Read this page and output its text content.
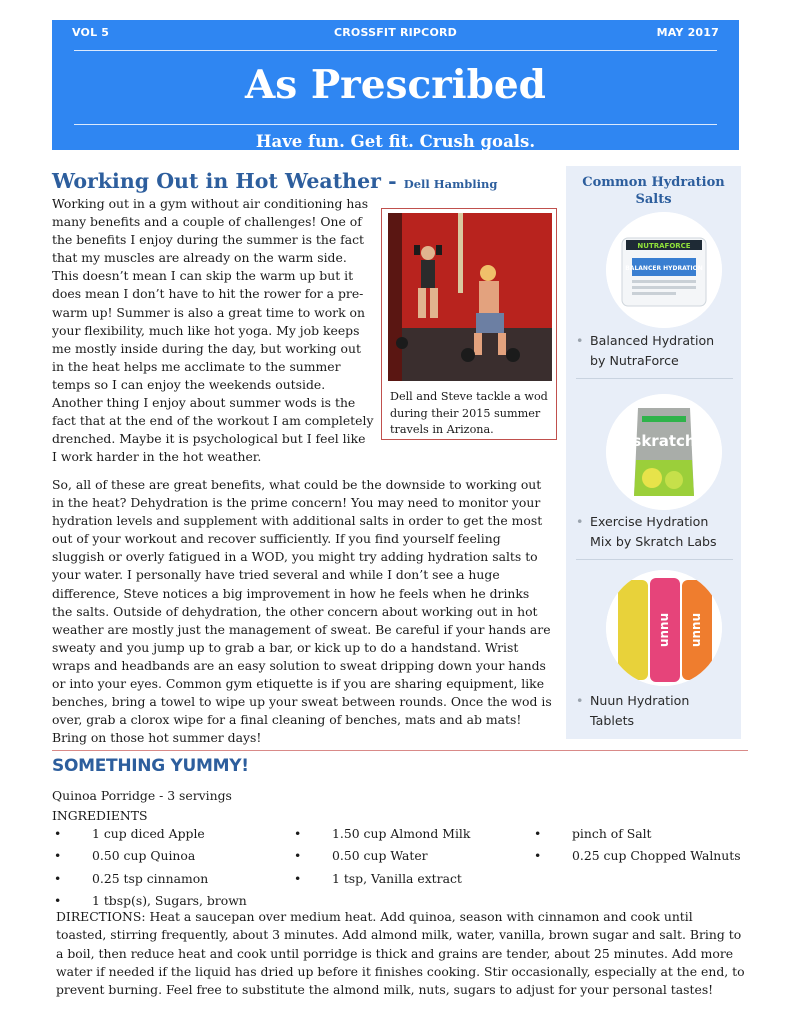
VOL 5	CROSSFIT RIPCORD	MAY 2017
As Prescribed
Have fun. Get fit. Crush goals.
Working Out in Hot Weather - Dell Hambling

Working out in a gym without air conditioning has many benefits and a couple of challenges! One of the benefits I enjoy during the summer is the fact that my muscles are already on the warm side. This doesn’t mean I can skip the warm up but it does mean I don’t have to hit the rower for a pre-warm up! Summer is also a great time to work on your flexibility, much like hot yoga. My job keeps me mostly inside during the day, but working out in the heat helps me acclimate to the summer temps so I can enjoy the weekends outside. Another thing I enjoy about summer wods is the fact that at the end of the workout I am completely drenched. Maybe it is psychological but I feel like I work harder in the hot weather.

Dell and Steve tackle a wod during their 2015 summer travels in Arizona.

So, all of these are great benefits, what could be the downside to working out in the heat? Dehydration is the prime concern! You may need to monitor your hydration levels and supplement with additional salts in order to get the most out of your workout and recover sufficiently. If you find yourself feeling sluggish or overly fatigued in a WOD, you might try adding hydration salts to your water. I personally have tried several and while I don’t see a huge difference, Steve notices a big improvement in how he feels when he drinks the salts. Outside of dehydration, the other concern about working out in hot weather are mostly just the management of sweat. Be careful if your hands are sweaty and you jump up to grab a bar, or kick up to do a handstand. Wrist wraps and headbands are an easy solution to sweat dripping down your hands or into your eyes. Common gym etiquette is if you are sharing equipment, like benches, bring a towel to wipe up your sweat between rounds. Once the wod is over, grab a clorox wipe for a final cleaning of benches, mats and ab mats! Bring on those hot summer days!

Common Hydration Salts
NUTRAFORCE
BALANCER HYDRATION
• Balanced Hydration by NutraForce
skratch
• Exercise Hydration Mix by Skratch Labs
nuun nuun
• Nuun Hydration Tablets
SOMETHING YUMMY!
Quinoa Porridge - 3 servings
INGREDIENTS
• 1 cup diced Apple
• 0.50 cup Quinoa
• 0.25 tsp cinnamon
• 1 tbsp(s), Sugars, brown
• 1.50 cup Almond Milk
• 0.50 cup Water
• 1 tsp, Vanilla extract
• pinch of Salt
• 0.25 cup Chopped Walnuts

DIRECTIONS: Heat a saucepan over medium heat. Add quinoa, season with cinnamon and cook until toasted, stirring frequently, about 3 minutes. Add almond milk, water, vanilla, brown sugar and salt. Bring to a boil, then reduce heat and cook until porridge is thick and grains are tender, about 25 minutes. Add more water if needed if the liquid has dried up before it finishes cooking. Stir occasionally, especially at the end, to prevent burning. Feel free to substitute the almond milk, nuts, sugars to adjust for your personal tastes!
